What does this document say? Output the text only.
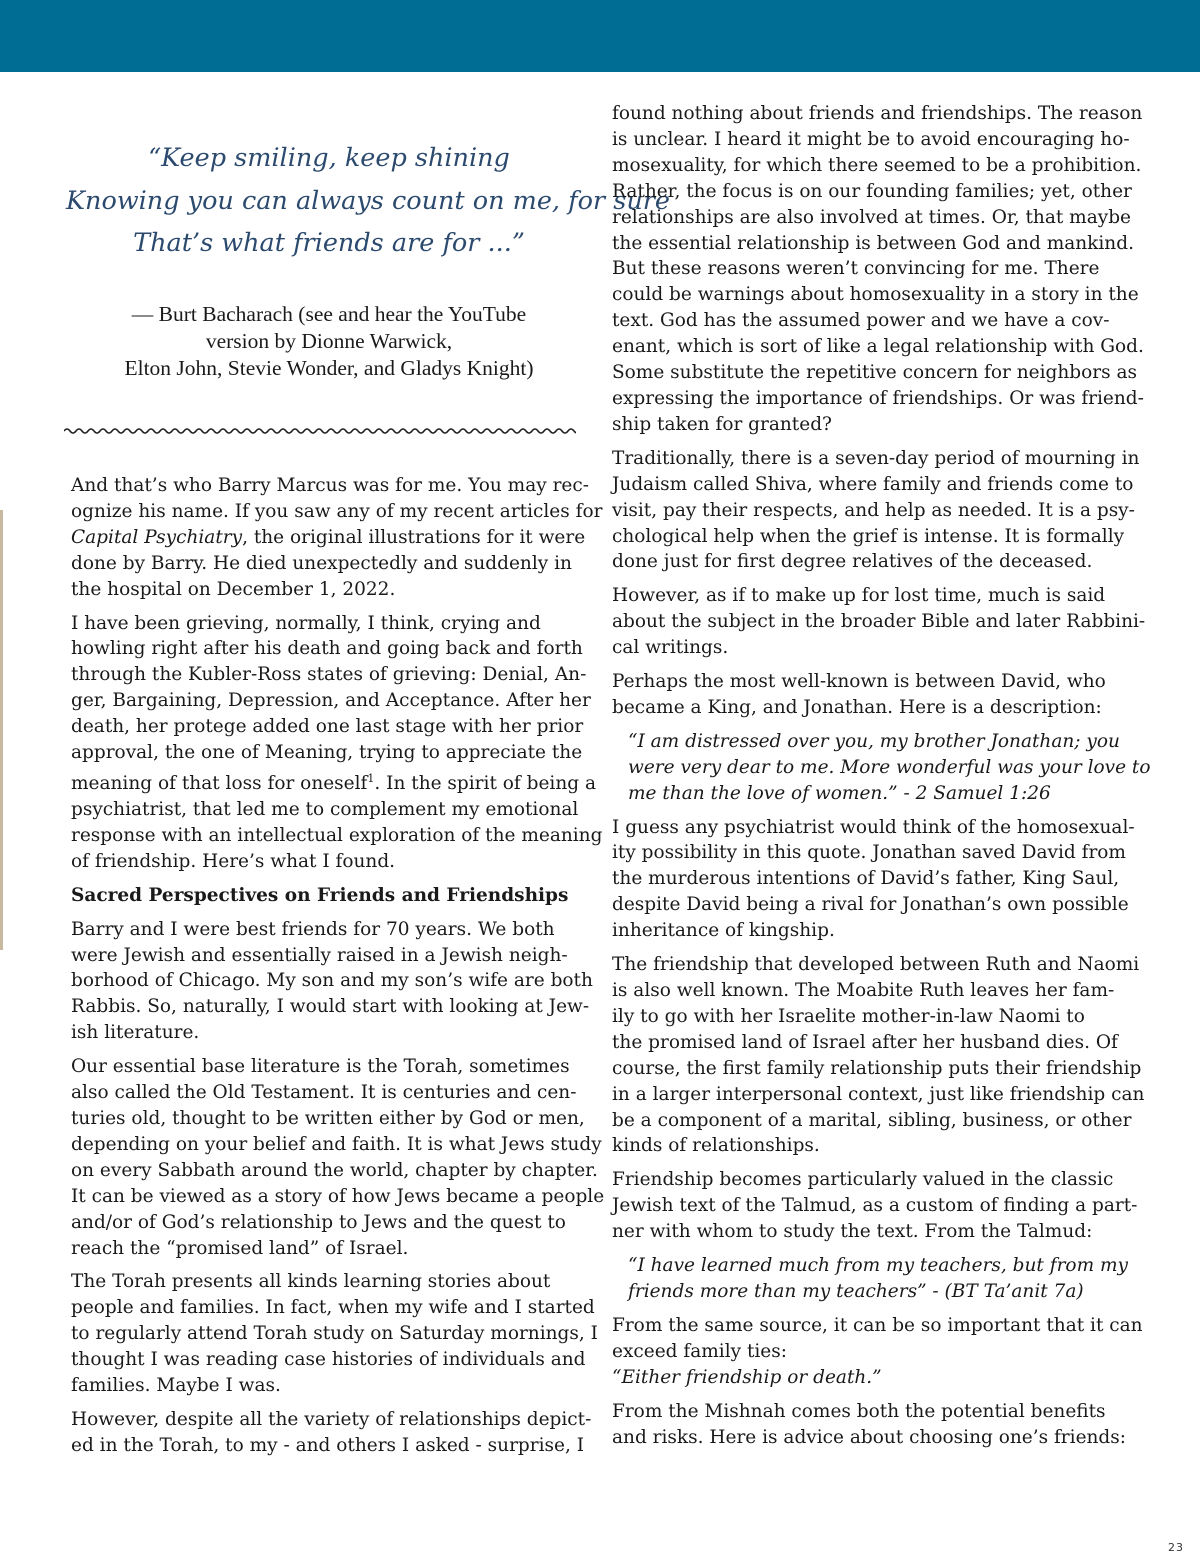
“Keep smiling, keep shining
Knowing you can always count on me, for sure
That’s what friends are for ...”
— Burt Bacharach (see and hear the YouTube
version by Dionne Warwick,
Elton John, Stevie Wonder, and Gladys Knight)

And that’s who Barry Marcus was for me. You may rec-
ognize his name. If you saw any of my recent articles for
Capital Psychiatry, the original illustrations for it were
done by Barry. He died unexpectedly and suddenly in
the hospital on December 1, 2022.

I have been grieving, normally, I think, crying and
howling right after his death and going back and forth
through the Kubler-Ross states of grieving: Denial, An-
ger, Bargaining, Depression, and Acceptance. After her
death, her protege added one last stage with her prior
approval, the one of Meaning, trying to appreciate the
meaning of that loss for oneself$^1$. In the spirit of being a
psychiatrist, that led me to complement my emotional
response with an intellectual exploration of the meaning
of friendship. Here’s what I found.

Sacred Perspectives on Friends and Friendships

Barry and I were best friends for 70 years. We both
were Jewish and essentially raised in a Jewish neigh-
borhood of Chicago. My son and my son’s wife are both
Rabbis. So, naturally, I would start with looking at Jew-
ish literature.

Our essential base literature is the Torah, sometimes
also called the Old Testament. It is centuries and cen-
turies old, thought to be written either by God or men,
depending on your belief and faith. It is what Jews study
on every Sabbath around the world, chapter by chapter.
It can be viewed as a story of how Jews became a people
and/or of God’s relationship to Jews and the quest to
reach the “promised land” of Israel.

The Torah presents all kinds learning stories about
people and families. In fact, when my wife and I started
to regularly attend Torah study on Saturday mornings, I
thought I was reading case histories of individuals and
families. Maybe I was.

However, despite all the variety of relationships depict-
ed in the Torah, to my - and others I asked - surprise, I

found nothing about friends and friendships. The reason
is unclear. I heard it might be to avoid encouraging ho-
mosexuality, for which there seemed to be a prohibition.
Rather, the focus is on our founding families; yet, other
relationships are also involved at times. Or, that maybe
the essential relationship is between God and mankind.
But these reasons weren’t convincing for me. There
could be warnings about homosexuality in a story in the
text. God has the assumed power and we have a cov-
enant, which is sort of like a legal relationship with God.
Some substitute the repetitive concern for neighbors as
expressing the importance of friendships. Or was friend-
ship taken for granted?

Traditionally, there is a seven-day period of mourning in
Judaism called Shiva, where family and friends come to
visit, pay their respects, and help as needed. It is a psy-
chological help when the grief is intense. It is formally
done just for first degree relatives of the deceased.

However, as if to make up for lost time, much is said
about the subject in the broader Bible and later Rabbini-
cal writings.

Perhaps the most well-known is between David, who
became a King, and Jonathan. Here is a description:

“I am distressed over you, my brother Jonathan; you
were very dear to me. More wonderful was your love to
me than the love of women.” - 2 Samuel 1:26

I guess any psychiatrist would think of the homosexual-
ity possibility in this quote. Jonathan saved David from
the murderous intentions of David’s father, King Saul,
despite David being a rival for Jonathan’s own possible
inheritance of kingship.

The friendship that developed between Ruth and Naomi
is also well known. The Moabite Ruth leaves her fam-
ily to go with her Israelite mother-in-law Naomi to
the promised land of Israel after her husband dies. Of
course, the first family relationship puts their friendship
in a larger interpersonal context, just like friendship can
be a component of a marital, sibling, business, or other
kinds of relationships.

Friendship becomes particularly valued in the classic
Jewish text of the Talmud, as a custom of finding a part-
ner with whom to study the text. From the Talmud:

“I have learned much from my teachers, but from my
friends more than my teachers” - (BT Ta’anit 7a)

From the same source, it can be so important that it can
exceed family ties:
“Either friendship or death.”

From the Mishnah comes both the potential benefits
and risks. Here is advice about choosing one’s friends:

23
